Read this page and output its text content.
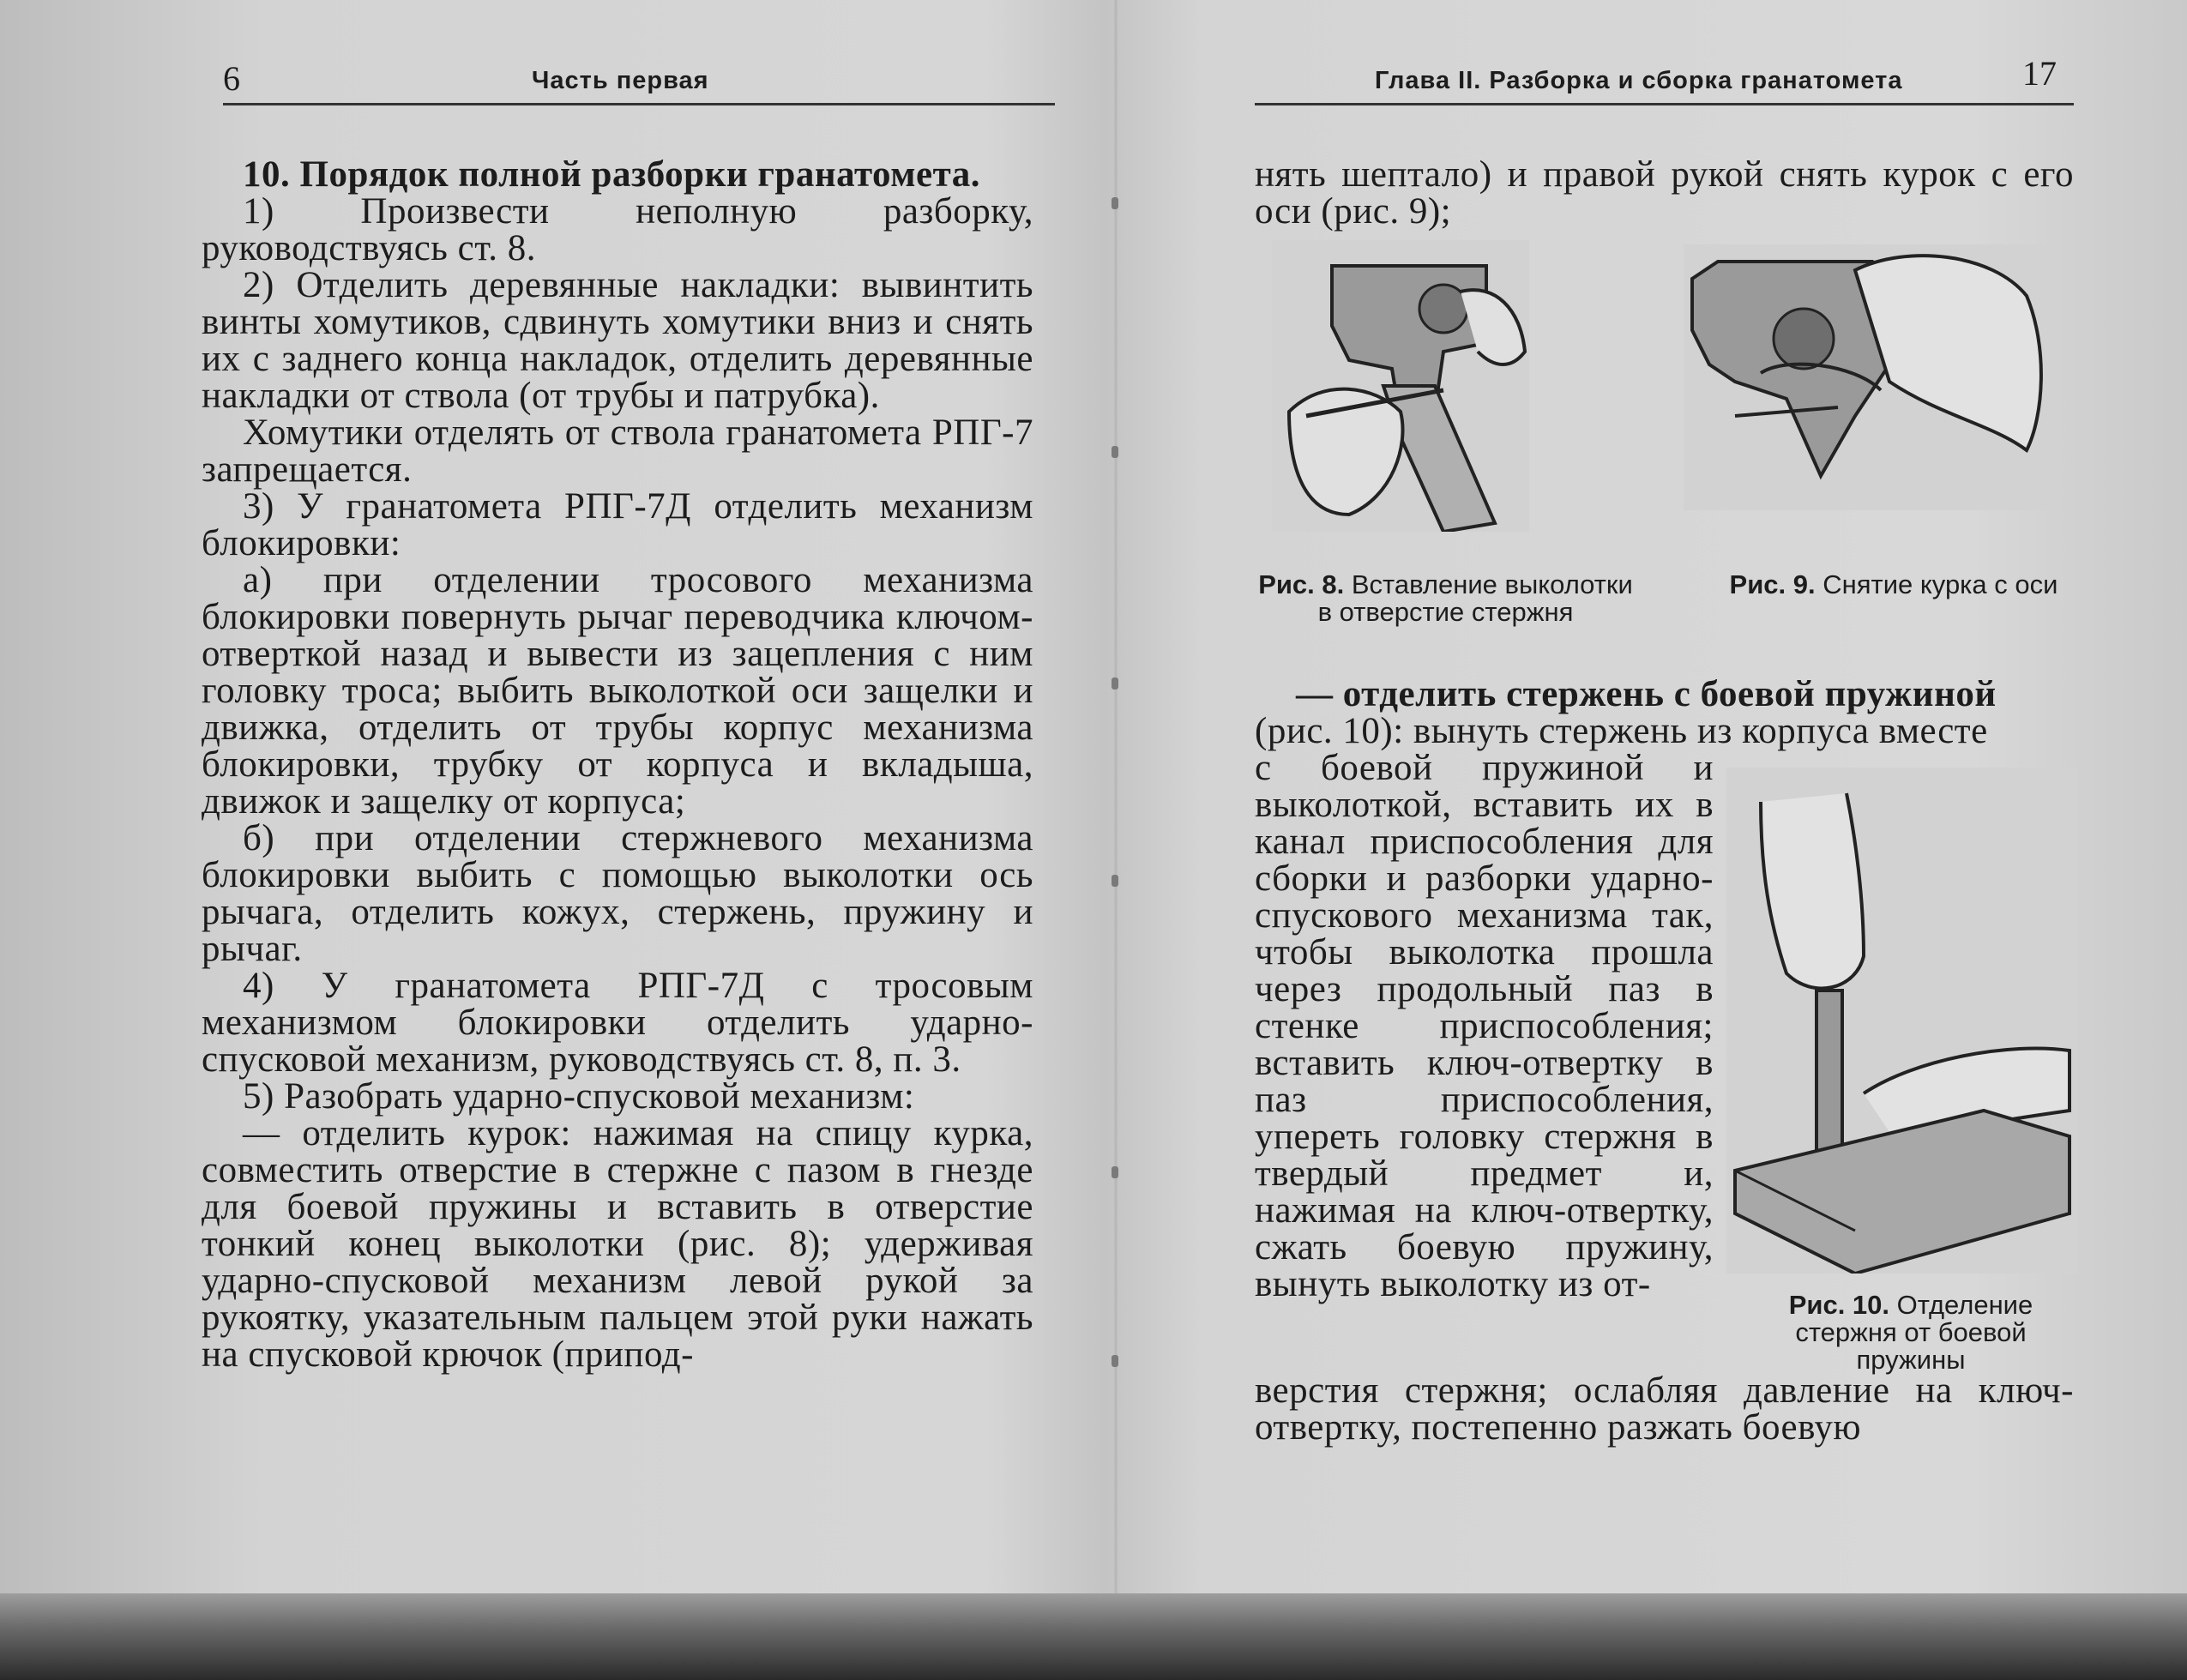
6	Часть первая

10. Порядок полной разборки гранатомета.

1) Произвести неполную разборку, руководствуясь ст. 8.

2) Отделить деревянные накладки: вывинтить винты хомутиков, сдвинуть хомутики вниз и снять их с заднего конца накладок, отделить деревянные накладки от ствола (от трубы и патрубка).

Хомутики отделять от ствола гранатомета РПГ-7 запрещается.

3) У гранатомета РПГ-7Д отделить механизм блокировки:

а) при отделении тросового механизма блокировки повернуть рычаг переводчика ключом-отверткой назад и вывести из зацепления с ним головку троса; выбить выколоткой оси защелки и движка, отделить от трубы корпус механизма блокировки, трубку от корпуса и вкладыша, движок и защелку от корпуса;

б) при отделении стержневого механизма блокировки выбить с помощью выколотки ось рычага, отделить кожух, стержень, пружину и рычаг.

4) У гранатомета РПГ-7Д с тросовым механизмом блокировки отделить ударно-спусковой механизм, руководствуясь ст. 8, п. 3.

5) Разобрать ударно-спусковой механизм:

— отделить курок: нажимая на спицу курка, совместить отверстие в стержне с пазом в гнезде для боевой пружины и вставить в отверстие тонкий конец выколотки (рис. 8); удерживая ударно-спусковой механизм левой рукой за рукоятку, указательным пальцем этой руки нажать на спусковой крючок (припод-

Глава II. Разборка и сборка гранатомета	17

нять шептало) и правой рукой снять курок с его оси (рис. 9);

Рис. 8. Вставление выколотки в отверстие стержня
Рис. 9. Снятие курка с оси

— отделить стержень с боевой пружиной

(рис. 10): вынуть стержень из корпуса вместе

с боевой пружиной и выколоткой, вставить их в канал приспособления для сборки и разборки ударно-спускового механизма так, чтобы выколотка прошла через продольный паз в стенке приспособления; вставить ключ-отвертку в паз приспособления, упереть головку стержня в твердый предмет и, нажимая на ключ-отвертку, сжать боевую пружину, вынуть выколотку из от-

Рис. 10. Отделение стержня от боевой пружины

верстия стержня; ослабляя давление на ключ-отвертку, постепенно разжать боевую
